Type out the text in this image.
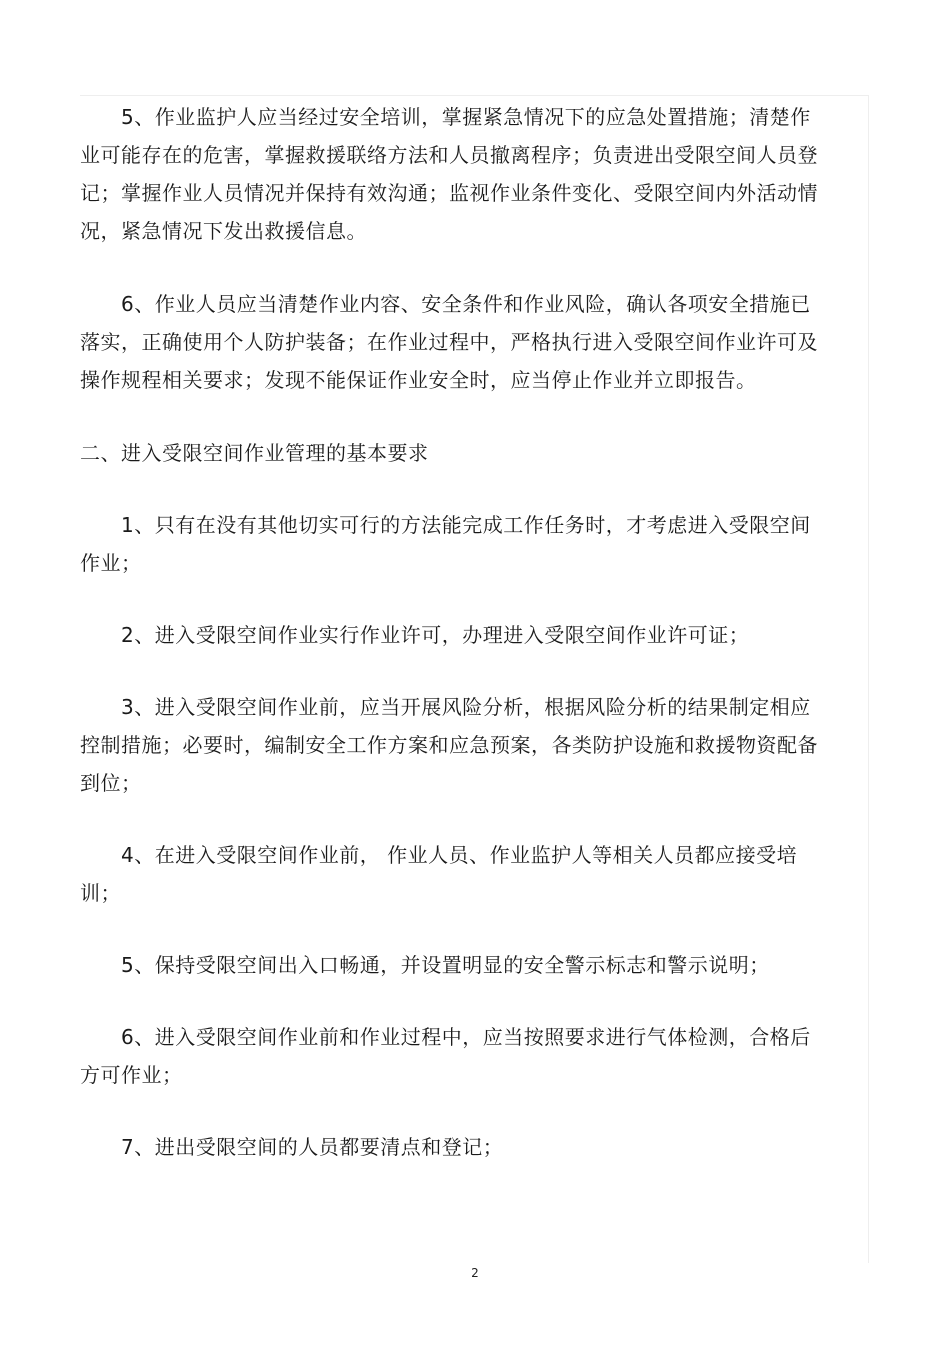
5、作业监护人应当经过安全培训，掌握紧急情况下的应急处置措施；清楚作业可能存在的危害，掌握救援联络方法和人员撤离程序；负责进出受限空间人员登记；掌握作业人员情况并保持有效沟通；监视作业条件变化、受限空间内外活动情况，紧急情况下发出救援信息。

6、作业人员应当清楚作业内容、安全条件和作业风险，确认各项安全措施已落实，正确使用个人防护装备；在作业过程中，严格执行进入受限空间作业许可及操作规程相关要求；发现不能保证作业安全时，应当停止作业并立即报告。

二、进入受限空间作业管理的基本要求

1、只有在没有其他切实可行的方法能完成工作任务时，才考虑进入受限空间作业；

2、进入受限空间作业实行作业许可，办理进入受限空间作业许可证；

3、进入受限空间作业前，应当开展风险分析，根据风险分析的结果制定相应控制措施；必要时，编制安全工作方案和应急预案，各类防护设施和救援物资配备到位；

4、在进入受限空间作业前， 作业人员、作业监护人等相关人员都应接受培训；

5、保持受限空间出入口畅通，并设置明显的安全警示标志和警示说明；

6、进入受限空间作业前和作业过程中，应当按照要求进行气体检测，合格后方可作业；

7、进出受限空间的人员都要清点和登记；

2
